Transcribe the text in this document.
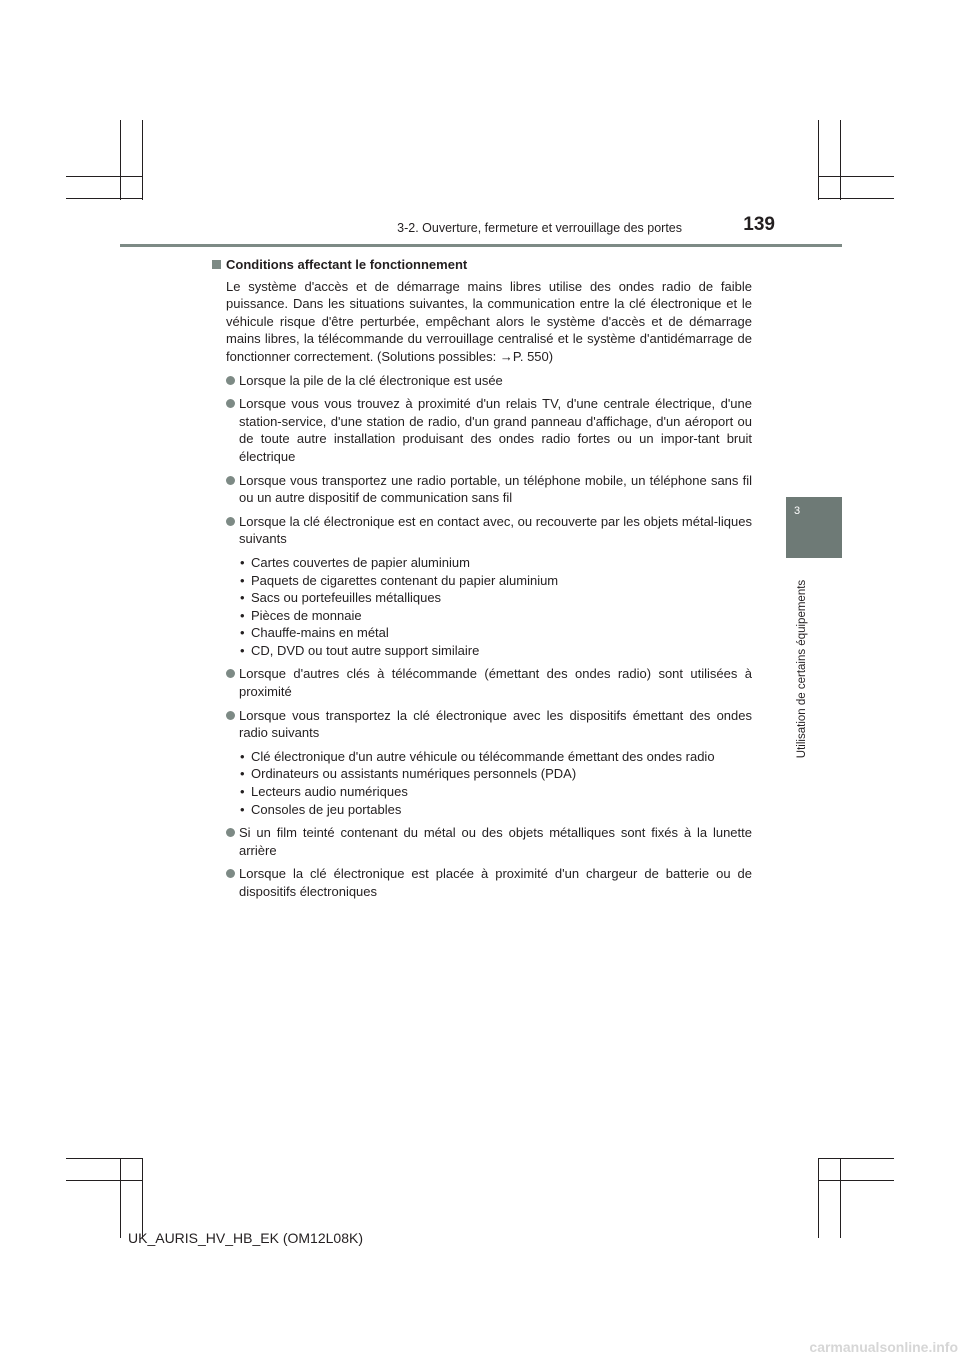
3-2. Ouverture, fermeture et verrouillage des portes	139
3
Utilisation de certains équipements
Conditions affectant le fonctionnement

Le système d'accès et de démarrage mains libres utilise des ondes radio de faible puissance. Dans les situations suivantes, la communication entre la clé électronique et le véhicule risque d'être perturbée, empêchant alors le système d'accès et de démarrage mains libres, la télécommande du verrouillage centralisé et le système d'antidémarrage de fonctionner correctement. (Solutions possibles: →P. 550)

Lorsque la pile de la clé électronique est usée
Lorsque vous vous trouvez à proximité d'un relais TV, d'une centrale électrique, d'une station-service, d'une station de radio, d'un grand panneau d'affichage, d'un aéroport ou de toute autre installation produisant des ondes radio fortes ou un impor-tant bruit électrique
Lorsque vous transportez une radio portable, un téléphone mobile, un téléphone sans fil ou un autre dispositif de communication sans fil
Lorsque la clé électronique est en contact avec, ou recouverte par les objets métal-liques suivants
• Cartes couvertes de papier aluminium
• Paquets de cigarettes contenant du papier aluminium
• Sacs ou portefeuilles métalliques
• Pièces de monnaie
• Chauffe-mains en métal
• CD, DVD ou tout autre support similaire
Lorsque d'autres clés à télécommande (émettant des ondes radio) sont utilisées à proximité
Lorsque vous transportez la clé électronique avec les dispositifs émettant des ondes radio suivants
• Clé électronique d'un autre véhicule ou télécommande émettant des ondes radio
• Ordinateurs ou assistants numériques personnels (PDA)
• Lecteurs audio numériques
• Consoles de jeu portables
Si un film teinté contenant du métal ou des objets métalliques sont fixés à la lunette arrière
Lorsque la clé électronique est placée à proximité d'un chargeur de batterie ou de dispositifs électroniques
UK_AURIS_HV_HB_EK (OM12L08K)
carmanualsonline.info
